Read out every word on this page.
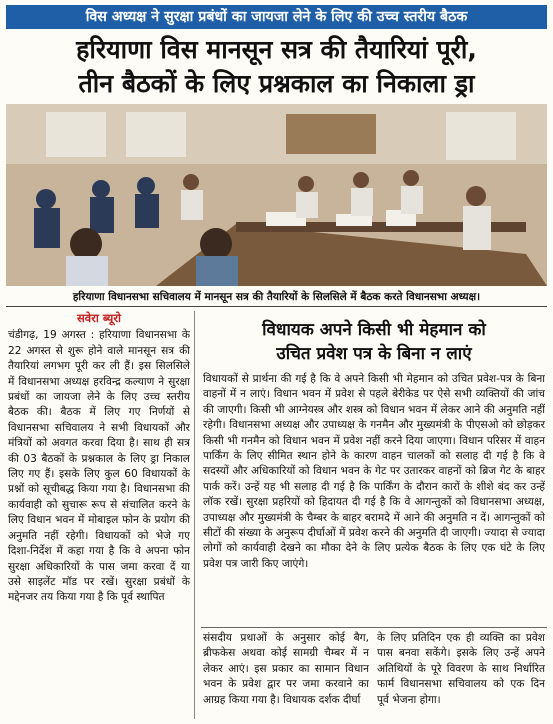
विस अध्यक्ष ने सुरक्षा प्रबंधों का जायजा लेने के लिए की उच्च स्तरीय बैठक
हरियाणा विस मानसून सत्र की तैयारियां पूरी,
तीन बैठकों के लिए प्रश्नकाल का निकाला ड्रा
हरियाणा विधानसभा सचिवालय में मानसून सत्र की तैयारियों के सिलसिले में बैठक करते विधानसभा अध्यक्ष।
सवेरा ब्यूरो
चंडीगढ़, 19 अगस्त : हरियाणा विधानसभा के 22 अगस्त से शुरू होने वाले मानसून सत्र की तैयारियां लगभग पूरी कर ली हैं। इस सिलसिले में विधानसभा अध्यक्ष हरविन्द्र कल्याण ने सुरक्षा प्रबंधों का जायजा लेने के लिए उच्च स्तरीय बैठक की। बैठक में लिए गए निर्णयों से विधानसभा सचिवालय ने सभी विधायकों और मंत्रियों को अवगत करवा दिया है। साथ ही सत्र की 03 बैठकों के प्रश्नकाल के लिए ड्रा निकाल लिए गए हैं। इसके लिए कुल 60 विधायकों के प्रश्नों को सूचीबद्ध किया गया है। विधानसभा की कार्यवाही को सुचारू रूप से संचालित करने के लिए विधान भवन में मोबाइल फोन के प्रयोग की अनुमति नहीं रहेगी। विधायकों को भेजे गए दिशा-निर्देश में कहा गया है कि वे अपना फोन सुरक्षा अधिकारियों के पास जमा करवा दें या उसे साइलेंट मॉड पर रखें। सुरक्षा प्रबंधों के मद्देनजर तय किया गया है कि पूर्व स्थापित
विधायक अपने किसी भी मेहमान को
उचित प्रवेश पत्र के बिना न लाएं
विधायकों से प्रार्थना की गई है कि वे अपने किसी भी मेहमान को उचित प्रवेश-पत्र के बिना वाहनों में न लाएं। विधान भवन में प्रवेश से पहले बेरीकेड पर ऐसे सभी व्यक्तियों की जांच की जाएगी। किसी भी आग्नेयस्त्र और शस्त्र को विधान भवन में लेकर आने की अनुमति नहीं रहेगी। विधानसभा अध्यक्ष और उपाध्यक्ष के गनमैन और मुख्यमंत्री के पीएसओ को छोड़कर किसी भी गनमैन को विधान भवन में प्रवेश नहीं करने दिया जाएगा। विधान परिसर में वाहन पार्किंग के लिए सीमित स्थान होने के कारण वाहन चालकों को सलाह दी गई है कि वे सदस्यों और अधिकारियों को विधान भवन के गेट पर उतारकर वाहनों को ब्रिज गेट के बाहर पार्क करें। उन्हें यह भी सलाह दी गई है कि पार्किंग के दौरान कारों के शीशे बंद कर उन्हें लॉक रखें। सुरक्षा प्रहरियों को हिदायत दी गई है कि वे आगन्तुकों को विधानसभा अध्यक्ष, उपाध्यक्ष और मुख्यमंत्री के चैम्बर के बाहर बरामदे में आने की अनुमति न दें। आगन्तुकों को सीटों की संख्या के अनुरूप दीर्घाओं में प्रवेश करने की अनुमति दी जाएगी। ज्यादा से ज्यादा लोगों को कार्यवाही देखने का मौका देने के लिए प्रत्येक बैठक के लिए एक घंटे के लिए प्रवेश पत्र जारी किए जाएंगे।
संसदीय प्रथाओं के अनुसार कोई बैग, ब्रीफकेस अथवा कोई सामग्री चैम्बर में न लेकर आएं। इस प्रकार का सामान विधान भवन के प्रवेश द्वार पर जमा करवाने का आग्रह किया गया है। विधायक दर्शक दीर्घा
के लिए प्रतिदिन एक ही व्यक्ति का प्रवेश पास बनवा सकेंगे। इसके लिए उन्हें अपने अतिथियों के पूरे विवरण के साथ निर्धारित फार्म विधानसभा सचिवालय को एक दिन पूर्व भेजना होगा।
